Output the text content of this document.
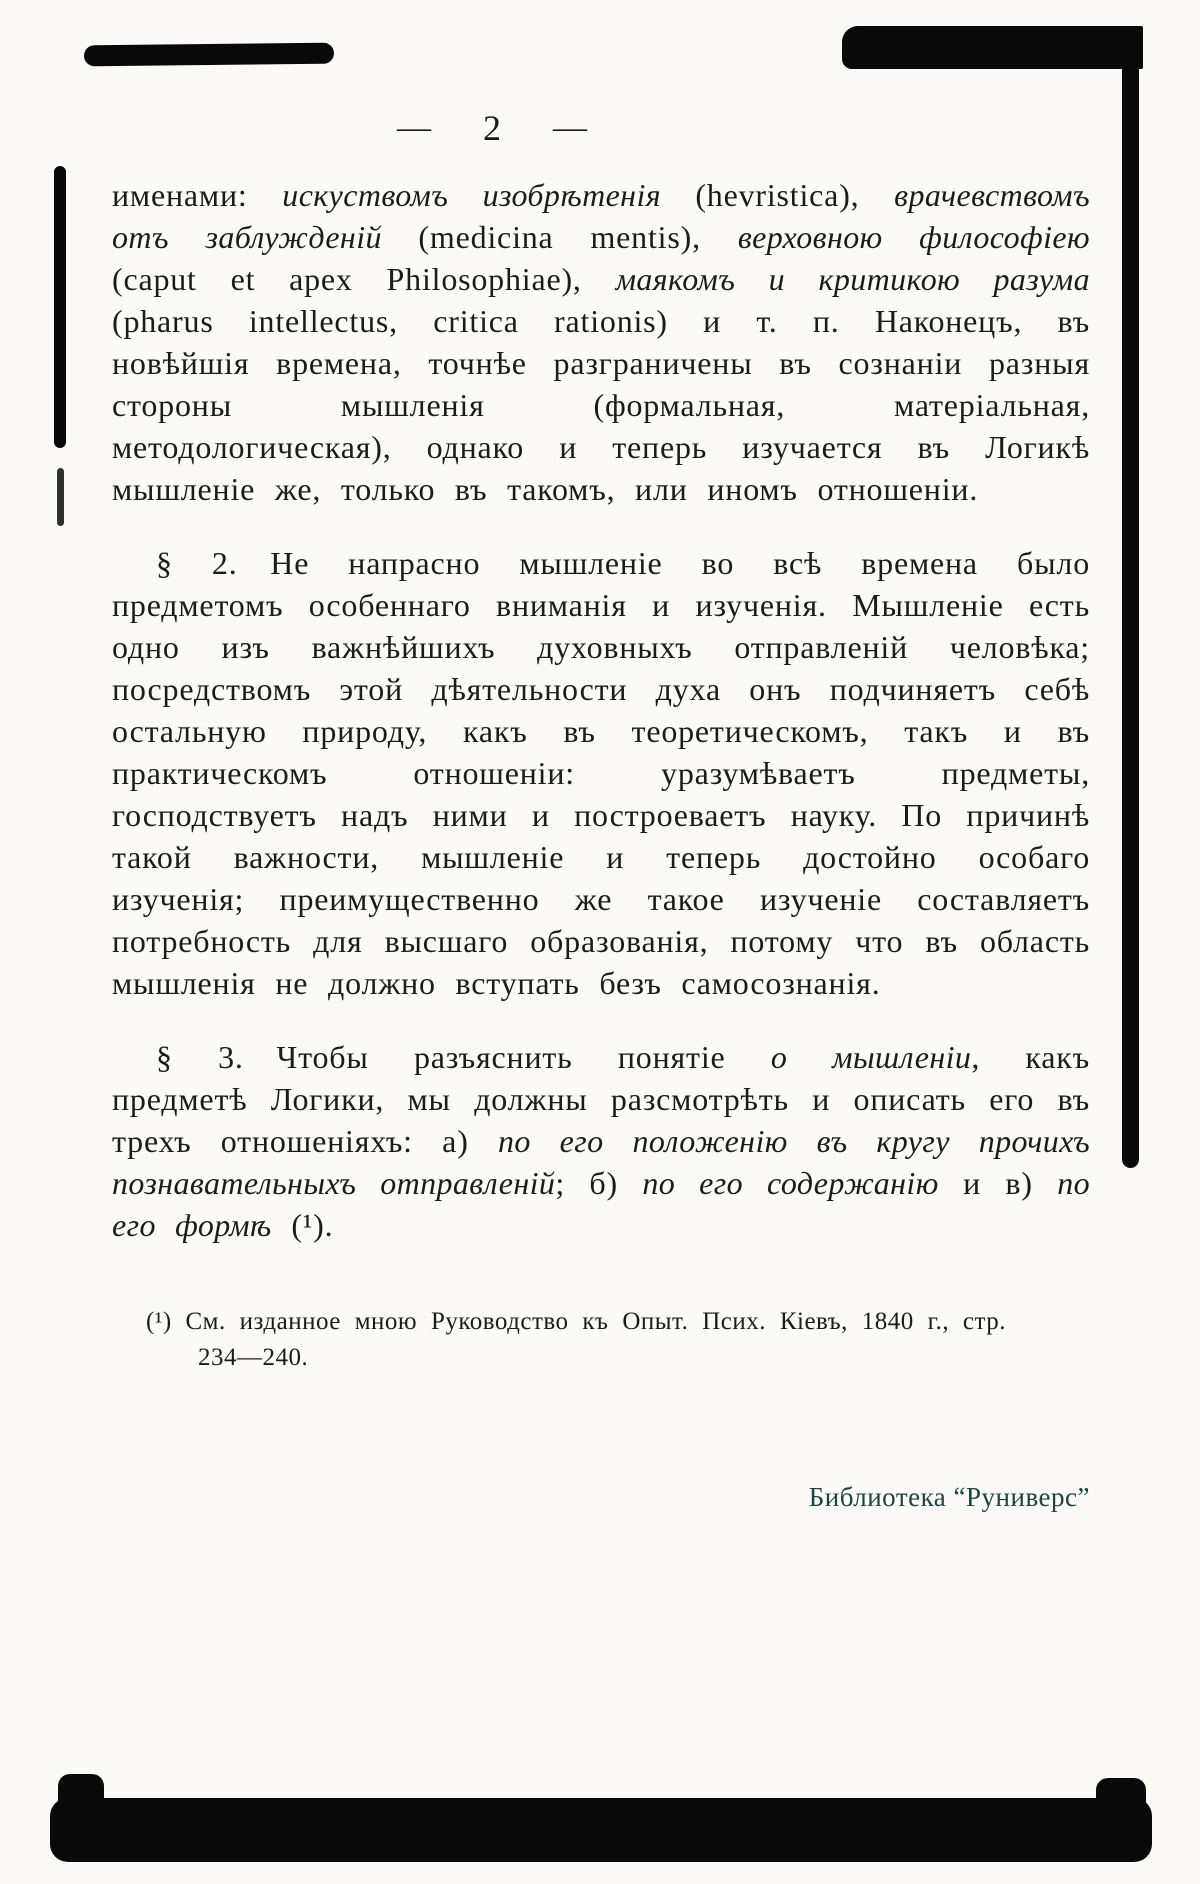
— 2 —

именами: искуствомъ изобрѣтенія (hevristica), врачевствомъ отъ заблужденій (medicina mentis), верховною философіею (caput et apex Philosophiae), маякомъ и критикою разума (pharus intellectus, critica rationis) и т. п. Наконецъ, въ новѣйшія времена, точнѣе разграничены въ сознаніи разныя стороны мышленія (формальная, матеріальная, методологическая), однако и теперь изучается въ Логикѣ мышленіе же, только въ такомъ, или иномъ отношеніи.

§ 2. Не напрасно мышленіе во всѣ времена было предметомъ особеннаго вниманія и изученія. Мышленіе есть одно изъ важнѣйшихъ духовныхъ отправленій человѣка; посредствомъ этой дѣятельности духа онъ подчиняетъ себѣ остальную природу, какъ въ теоретическомъ, такъ и въ практическомъ отношеніи: уразумѣваетъ предметы, господствуетъ надъ ними и построеваетъ науку. По причинѣ такой важности, мышленіе и теперь достойно особаго изученія; преимущественно же такое изученіе составляетъ потребность для высшаго образованія, потому что въ область мышленія не должно вступать безъ самосознанія.

§ 3. Чтобы разъяснить понятіе о мышленіи, какъ предметѣ Логики, мы должны разсмотрѣть и описать его въ трехъ отношеніяхъ: а) по его положенію въ кругу прочихъ познавательныхъ отправленій; б) по его содержанію и в) по его формѣ (¹).

(¹) См. изданное мною Руководство къ Опыт. Псих. Кіевъ, 1840 г., стр. 234—240.

Библиотека “Руниверс”
